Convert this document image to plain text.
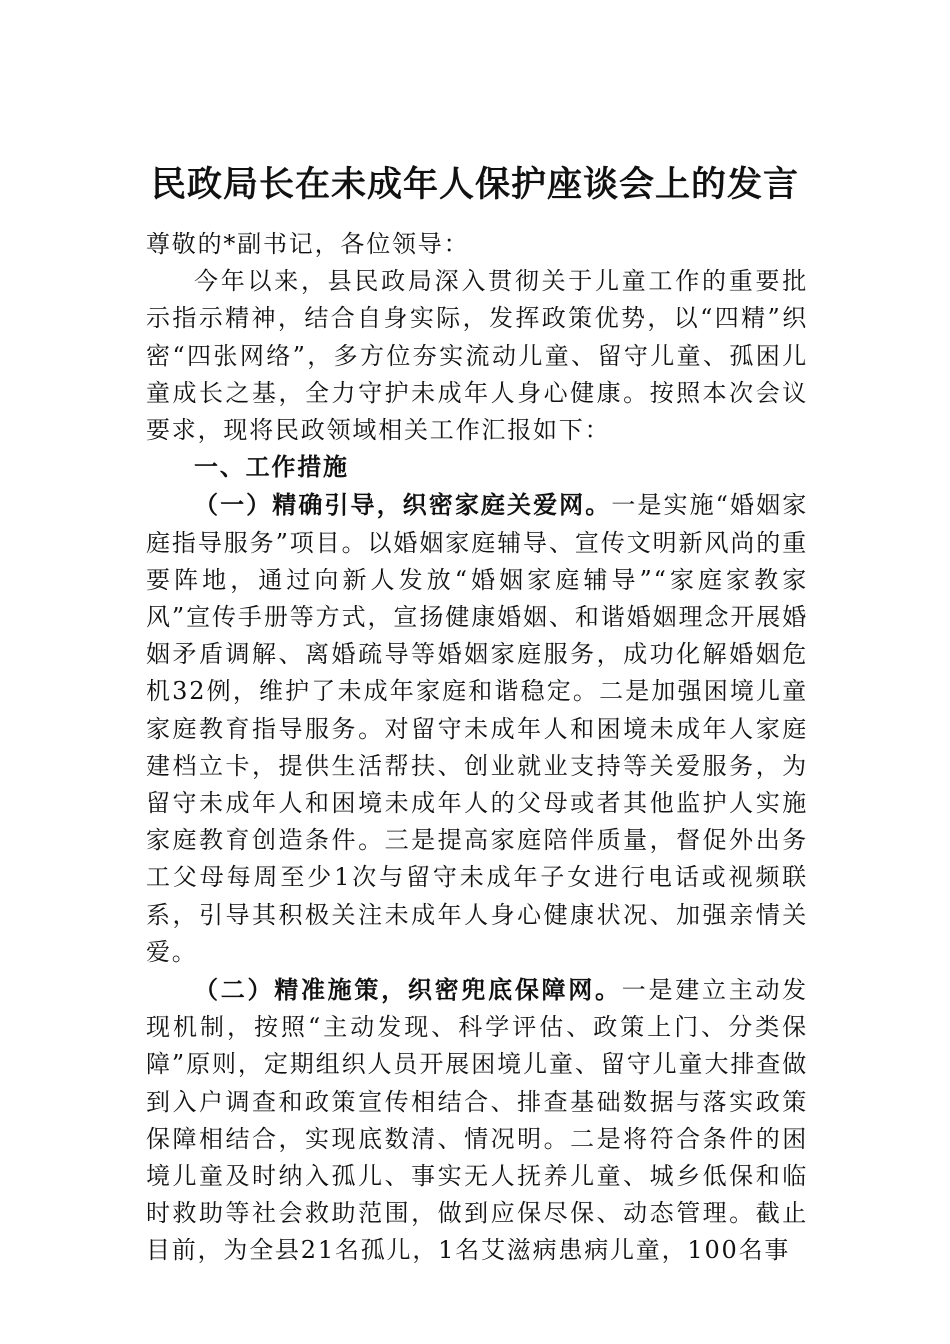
民政局长在未成年人保护座谈会上的发言

尊敬的*副书记，各位领导：

今年以来，县民政局深入贯彻关于儿童工作的重要批示指示精神，结合自身实际，发挥政策优势，以“四精”织密“四张网络”，多方位夯实流动儿童、留守儿童、孤困儿童成长之基，全力守护未成年人身心健康。按照本次会议要求，现将民政领域相关工作汇报如下：

一、工作措施

（一）精确引导，织密家庭关爱网。一是实施“婚姻家庭指导服务”项目。以婚姻家庭辅导、宣传文明新风尚的重要阵地，通过向新人发放“婚姻家庭辅导”“家庭家教家风”宣传手册等方式，宣扬健康婚姻、和谐婚姻理念开展婚姻矛盾调解、离婚疏导等婚姻家庭服务，成功化解婚姻危机32例，维护了未成年家庭和谐稳定。二是加强困境儿童家庭教育指导服务。对留守未成年人和困境未成年人家庭建档立卡，提供生活帮扶、创业就业支持等关爱服务，为留守未成年人和困境未成年人的父母或者其他监护人实施家庭教育创造条件。三是提高家庭陪伴质量，督促外出务工父母每周至少1次与留守未成年子女进行电话或视频联系，引导其积极关注未成年人身心健康状况、加强亲情关爱。

（二）精准施策，织密兜底保障网。一是建立主动发现机制，按照“主动发现、科学评估、政策上门、分类保障”原则，定期组织人员开展困境儿童、留守儿童大排查做到入户调查和政策宣传相结合、排查基础数据与落实政策保障相结合，实现底数清、情况明。二是将符合条件的困境儿童及时纳入孤儿、事实无人抚养儿童、城乡低保和临时救助等社会救助范围，做到应保尽保、动态管理。截止目前，为全县21名孤儿，1名艾滋病患病儿童，100名事
